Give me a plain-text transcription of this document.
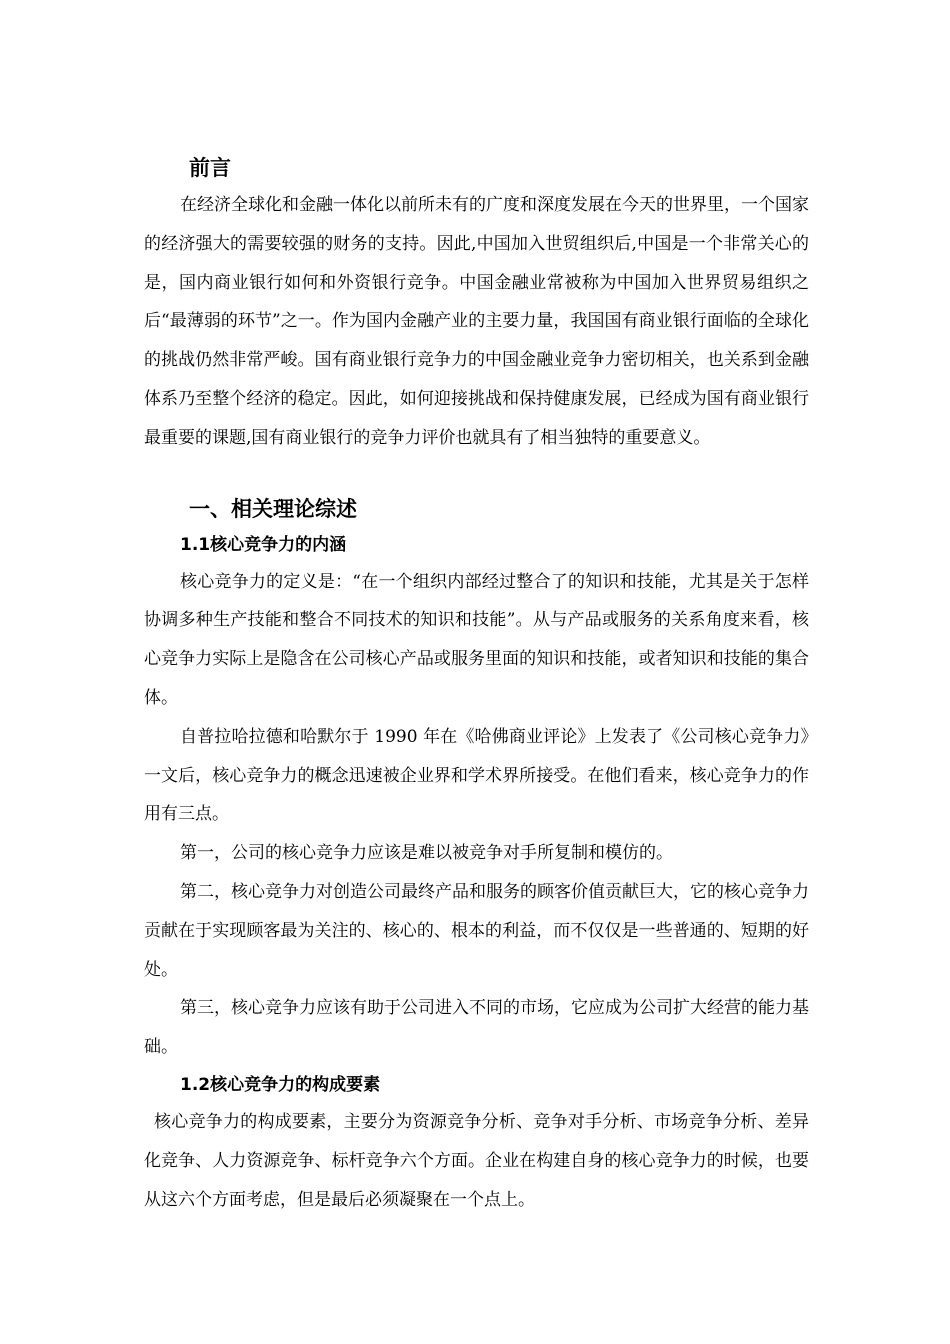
前言

在经济全球化和金融一体化以前所未有的广度和深度发展在今天的世界里，一个国家的经济强大的需要较强的财务的支持。因此,中国加入世贸组织后,中国是一个非常关心的是，国内商业银行如何和外资银行竞争。中国金融业常被称为中国加入世界贸易组织之后“最薄弱的环节”之一。作为国内金融产业的主要力量，我国国有商业银行面临的全球化的挑战仍然非常严峻。国有商业银行竞争力的中国金融业竞争力密切相关，也关系到金融体系乃至整个经济的稳定。因此，如何迎接挑战和保持健康发展，已经成为国有商业银行最重要的课题,国有商业银行的竞争力评价也就具有了相当独特的重要意义。

一、相关理论综述
1.1核心竞争力的内涵

核心竞争力的定义是：“在一个组织内部经过整合了的知识和技能，尤其是关于怎样协调多种生产技能和整合不同技术的知识和技能”。从与产品或服务的关系角度来看，核心竞争力实际上是隐含在公司核心产品或服务里面的知识和技能，或者知识和技能的集合体。

自普拉哈拉德和哈默尔于 1990 年在《哈佛商业评论》上发表了《公司核心竞争力》一文后，核心竞争力的概念迅速被企业界和学术界所接受。在他们看来，核心竞争力的作用有三点。

第一，公司的核心竞争力应该是难以被竞争对手所复制和模仿的。

第二，核心竞争力对创造公司最终产品和服务的顾客价值贡献巨大，它的核心竞争力贡献在于实现顾客最为关注的、核心的、根本的利益，而不仅仅是一些普通的、短期的好处。

第三，核心竞争力应该有助于公司进入不同的市场，它应成为公司扩大经营的能力基础。

1.2核心竞争力的构成要素

核心竞争力的构成要素，主要分为资源竞争分析、竞争对手分析、市场竞争分析、差异化竞争、人力资源竞争、标杆竞争六个方面。企业在构建自身的核心竞争力的时候，也要从这六个方面考虑，但是最后必须凝聚在一个点上。
